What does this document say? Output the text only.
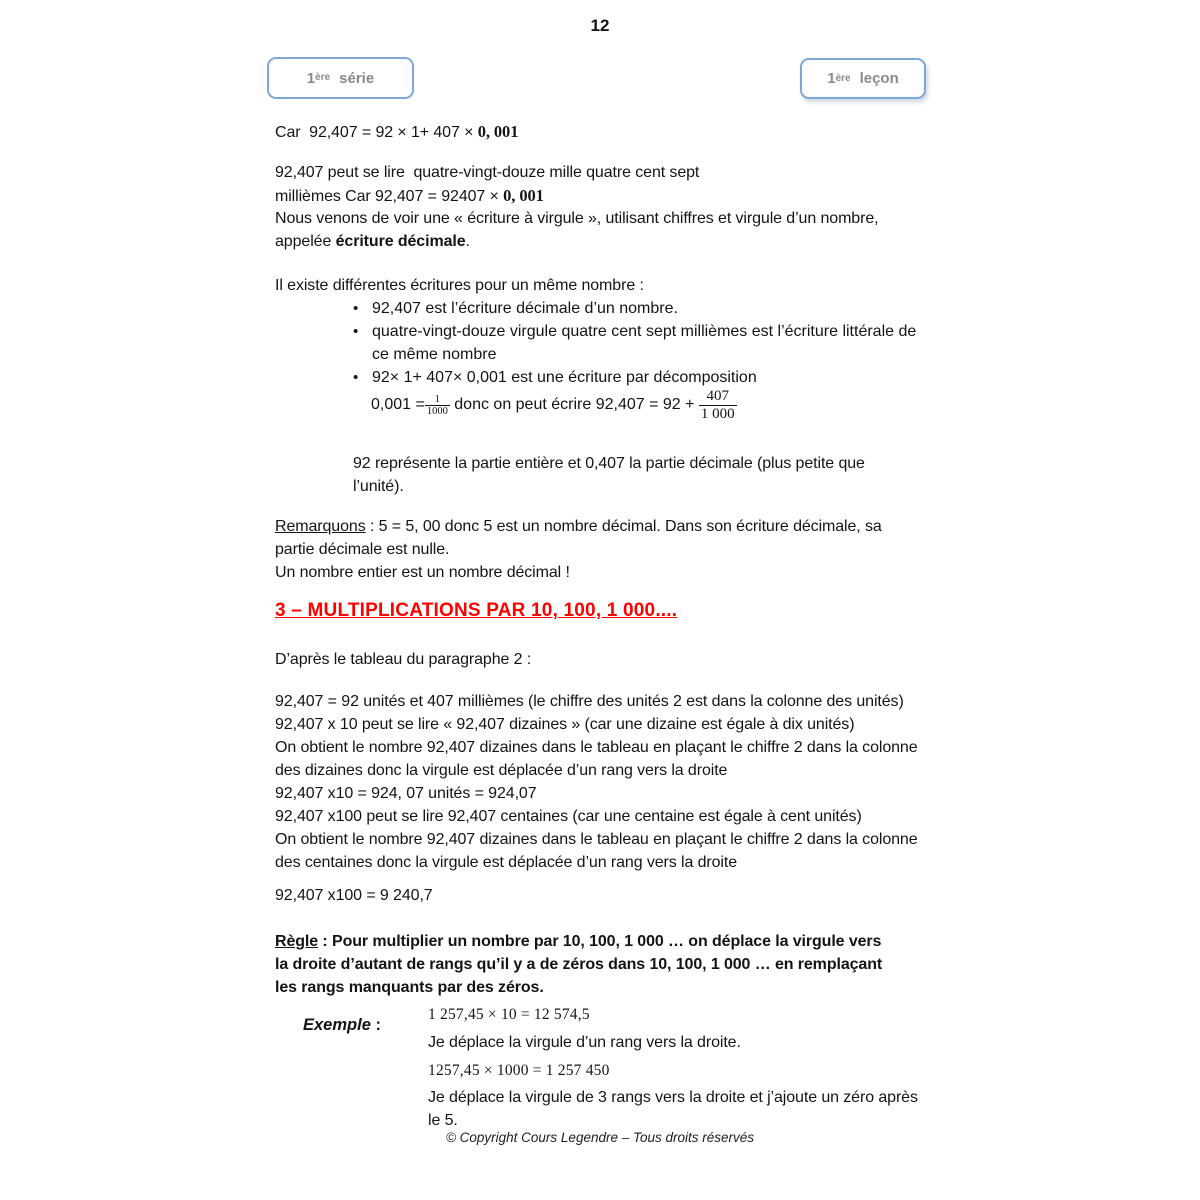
12
1 ère série	1 ère leçon
Car  92,407 = 92 × 1+ 407 × 0, 001
92,407 peut se lire  quatre-vingt-douze mille quatre cent sept
millièmes Car 92,407 = 92407 × 0, 001
Nous venons de voir une « écriture à virgule », utilisant chiffres et virgule d’un nombre,
appelée écriture décimale.
Il existe différentes écritures pour un même nombre :
• 92,407 est l’écriture décimale d’un nombre.
• quatre-vingt-douze virgule quatre cent sept millièmes est l’écriture littérale de
ce même nombre
• 92× 1+ 407× 0,001 est une écriture par décomposition
$0,001 = \frac{1}{1000}$ donc on peut écrire $92,407 = 92 + \frac{407}{1 000}$
92 représente la partie entière et 0,407 la partie décimale (plus petite que
l’unité).
Remarquons : 5 = 5, 00 donc 5 est un nombre décimal. Dans son écriture décimale, sa
partie décimale est nulle.
Un nombre entier est un nombre décimal !
3 – MULTIPLICATIONS PAR 10, 100, 1 000....
D’après le tableau du paragraphe 2 :
92,407 = 92 unités et 407 millièmes (le chiffre des unités 2 est dans la colonne des unités)
92,407 x 10 peut se lire « 92,407 dizaines » (car une dizaine est égale à dix unités)
On obtient le nombre 92,407 dizaines dans le tableau en plaçant le chiffre 2 dans la colonne
des dizaines donc la virgule est déplacée d’un rang vers la droite
92,407 x10 = 924, 07 unités = 924,07
92,407 x100 peut se lire 92,407 centaines (car une centaine est égale à cent unités)
On obtient le nombre 92,407 dizaines dans le tableau en plaçant le chiffre 2 dans la colonne
des centaines donc la virgule est déplacée d’un rang vers la droite
92,407 x100 = 9 240,7
Règle : Pour multiplier un nombre par 10, 100, 1 000 … on déplace la virgule vers
la droite d’autant de rangs qu’il y a de zéros dans 10, 100, 1 000 … en remplaçant
les rangs manquants par des zéros.
Exemple :
1 257,45 × 10 = 12 574,5
Je déplace la virgule d’un rang vers la droite.
1257,45 × 1000 = 1 257 450
Je déplace la virgule de 3 rangs vers la droite et j’ajoute un zéro après
le 5.
© Copyright Cours Legendre – Tous droits réservés
